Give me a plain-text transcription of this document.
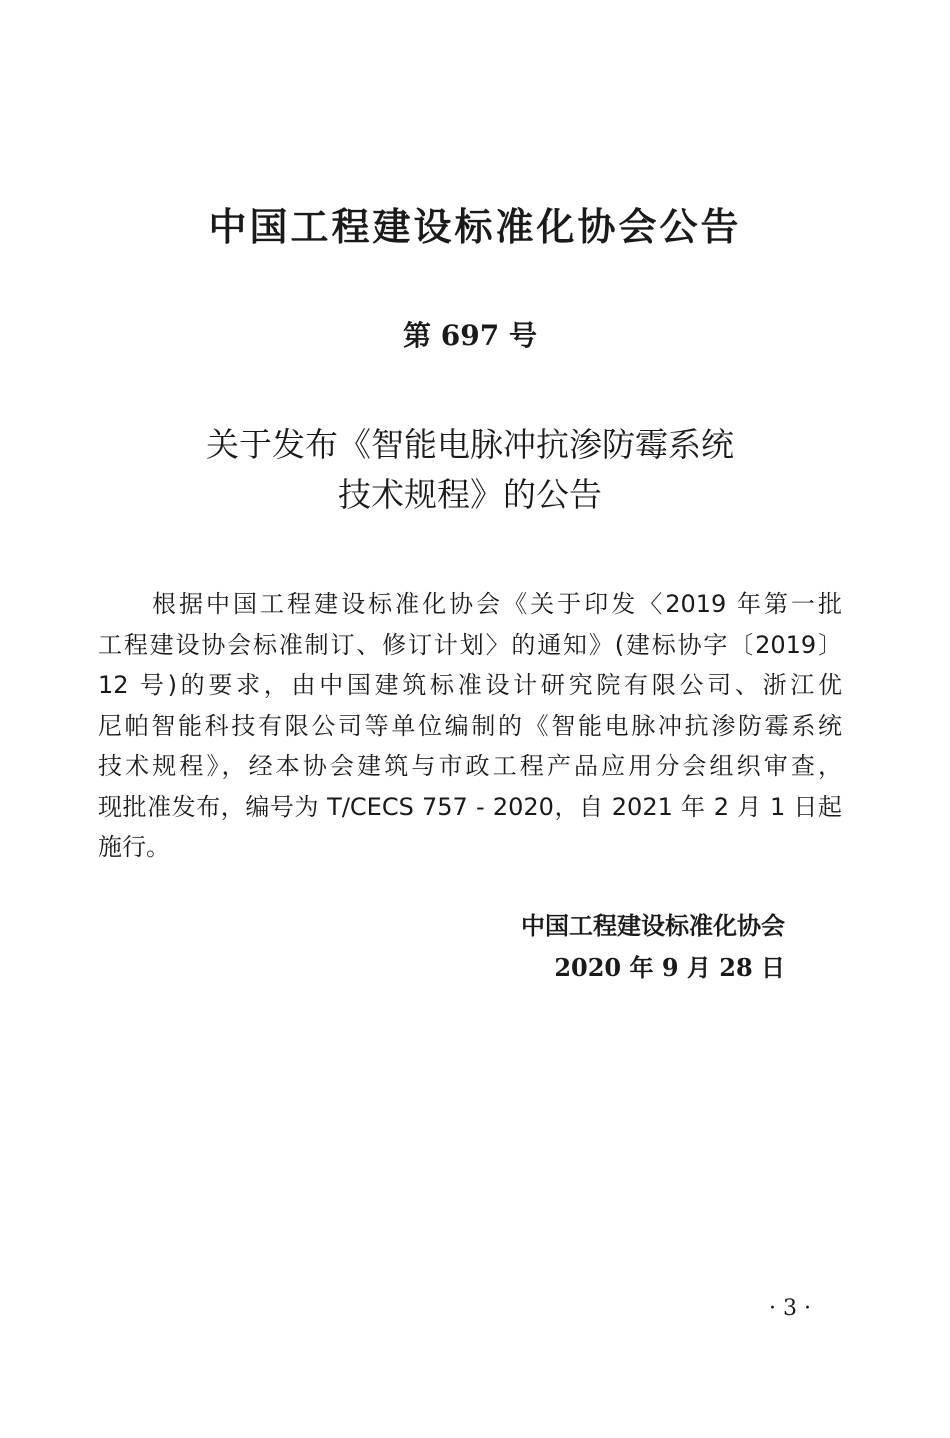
中国工程建设标准化协会公告
第 697 号
关于发布《智能电脉冲抗渗防霉系统
技术规程》的公告
根据中国工程建设标准化协会《关于印发〈2019 年第一批
工程建设协会标准制订、修订计划〉的通知》(建标协字〔2019〕
12 号)的要求，由中国建筑标准设计研究院有限公司、浙江优
尼帕智能科技有限公司等单位编制的《智能电脉冲抗渗防霉系统
技术规程》，经本协会建筑与市政工程产品应用分会组织审查，
现批准发布，编号为 T/CECS 757 - 2020，自 2021 年 2 月 1 日起
施行。
中国工程建设标准化协会
2020 年 9 月 28 日
· 3 ·
